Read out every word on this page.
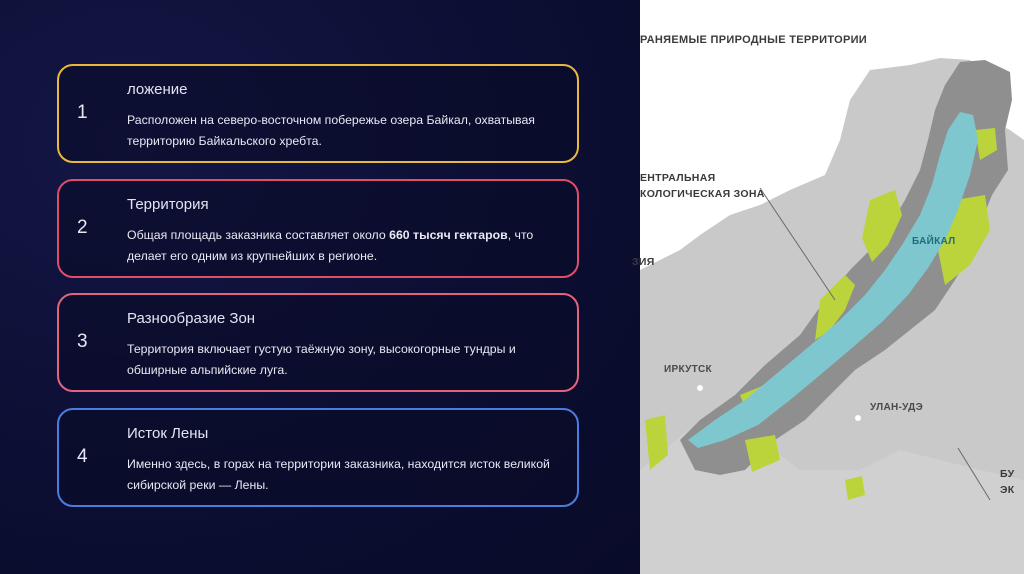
1
ложение
Расположен на северо-восточном побережье озера Байкал, охватывая территорию Байкальского хребта.
2
Территория
Общая площадь заказника составляет около 660 тысяч гектаров, что делает его одним из крупнейших в регионе.
3
Разнообразие Зон
Территория включает густую таёжную зону, высокогорные тундры и обширные альпийские луга.
4
Исток Лены
Именно здесь, в горах на территории заказника, находится исток великой сибирской реки — Лены.
РАНЯЕМЫЕ ПРИРОДНЫЕ ТЕРРИТОРИИ
ЕНТРАЛЬНАЯ
КОЛОГИЧЕСКАЯ ЗОНА
ЗИЯ
ИРКУТСК
УЛАН-УДЭ
БАЙКАЛ
БУ
ЭК
